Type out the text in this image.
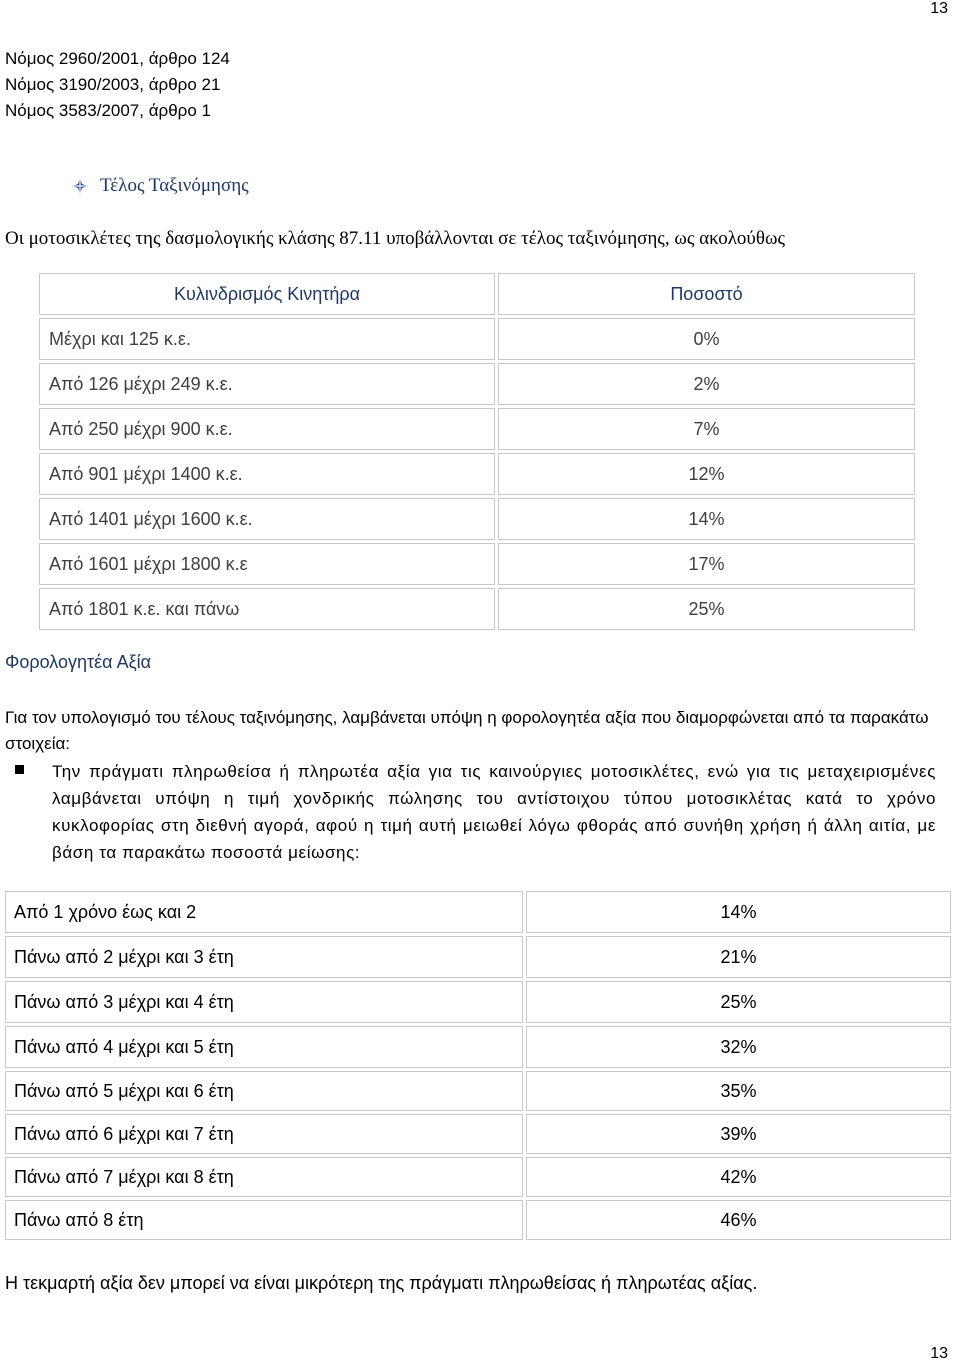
13
Νόμος 2960/2001, άρθρο 124
Νόμος 3190/2003, άρθρο 21
Νόμος 3583/2007, άρθρο 1
Τέλος Ταξινόμησης
Οι μοτοσικλέτες της δασμολογικής κλάσης 87.11 υποβάλλονται σε τέλος ταξινόμησης, ως ακολούθως
Κυλινδρισμός Κινητήρα	Ποσοστό
Μέχρι και 125 κ.ε.	0%
Από 126 μέχρι 249 κ.ε.	2%
Από 250 μέχρι 900 κ.ε.	7%
Από 901 μέχρι 1400 κ.ε.	12%
Από 1401 μέχρι 1600 κ.ε.	14%
Από 1601 μέχρι 1800 κ.ε	17%
Από 1801 κ.ε. και πάνω	25%
Φορολογητέα Αξία
Για τον υπολογισμό του τέλους ταξινόμησης, λαμβάνεται υπόψη η φορολογητέα αξία που διαμορφώνεται από τα παρακάτω στοιχεία:
Την πράγματι πληρωθείσα ή πληρωτέα αξία για τις καινούργιες μοτοσικλέτες, ενώ για τις μεταχειρισμένες λαμβάνεται υπόψη η τιμή χονδρικής πώλησης του αντίστοιχου τύπου μοτοσικλέτας κατά το χρόνο κυκλοφορίας στη διεθνή αγορά, αφού η τιμή αυτή μειωθεί λόγω φθοράς από συνήθη χρήση ή άλλη αιτία, με βάση τα παρακάτω ποσοστά μείωσης:
Από 1 χρόνο έως και 2	14%
Πάνω από 2 μέχρι και 3 έτη	21%
Πάνω από 3 μέχρι και 4 έτη	25%
Πάνω από 4 μέχρι και 5 έτη	32%
Πάνω από 5 μέχρι και 6 έτη	35%
Πάνω από 6 μέχρι και 7 έτη	39%
Πάνω από 7 μέχρι και 8 έτη	42%
Πάνω από 8 έτη	46%
Η τεκμαρτή αξία δεν μπορεί να είναι μικρότερη της πράγματι πληρωθείσας ή πληρωτέας αξίας.
13
